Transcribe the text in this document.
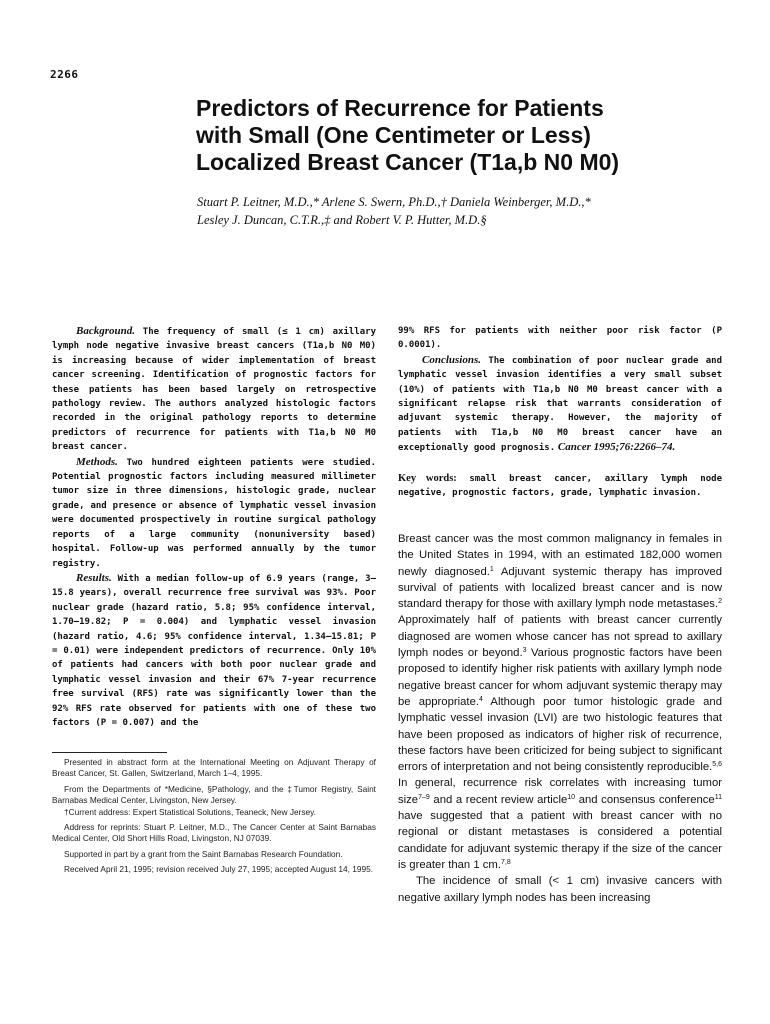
2266
Predictors of Recurrence for Patients
with Small (One Centimeter or Less)
Localized Breast Cancer (T1a,b N0 M0)
Stuart P. Leitner, M.D.,* Arlene S. Swern, Ph.D.,† Daniela Weinberger, M.D.,*
Lesley J. Duncan, C.T.R.,‡ and Robert V. P. Hutter, M.D.§

Background. The frequency of small (≤ 1 cm) axillary lymph node negative invasive breast cancers (T1a,b N0 M0) is increasing because of wider implementation of breast cancer screening. Identification of prognostic factors for these patients has been based largely on retrospective pathology review. The authors analyzed histologic factors recorded in the original pathology reports to determine predictors of recurrence for patients with T1a,b N0 M0 breast cancer.

Methods. Two hundred eighteen patients were studied. Potential prognostic factors including measured millimeter tumor size in three dimensions, histologic grade, nuclear grade, and presence or absence of lymphatic vessel invasion were documented prospectively in routine surgical pathology reports of a large community (nonuniversity based) hospital. Follow-up was performed annually by the tumor registry.

Results. With a median follow-up of 6.9 years (range, 3–15.8 years), overall recurrence free survival was 93%. Poor nuclear grade (hazard ratio, 5.8; 95% confidence interval, 1.70–19.82; P = 0.004) and lymphatic vessel invasion (hazard ratio, 4.6; 95% confidence interval, 1.34–15.81; P = 0.01) were independent predictors of recurrence. Only 10% of patients had cancers with both poor nuclear grade and lymphatic vessel invasion and their 67% 7-year recurrence free survival (RFS) rate was significantly lower than the 92% RFS rate observed for patients with one of these two factors (P = 0.007) and the

99% RFS for patients with neither poor risk factor (P 0.0001).

Conclusions. The combination of poor nuclear grade and lymphatic vessel invasion identifies a very small subset (10%) of patients with T1a,b N0 M0 breast cancer with a significant relapse risk that warrants consideration of adjuvant systemic therapy. However, the majority of patients with T1a,b N0 M0 breast cancer have an exceptionally good prognosis. Cancer 1995;76:2266–74.

Key words: small breast cancer, axillary lymph node negative, prognostic factors, grade, lymphatic invasion.

Presented in abstract form at the International Meeting on Adjuvant Therapy of Breast Cancer, St. Gallen, Switzerland, March 1–4, 1995.

From the Departments of *Medicine, §Pathology, and the ‡Tumor Registry, Saint Barnabas Medical Center, Livingston, New Jersey.

†Current address: Expert Statistical Solutions, Teaneck, New Jersey.

Address for reprints: Stuart P. Leitner, M.D., The Cancer Center at Saint Barnabas Medical Center, Old Short Hills Road, Livingston, NJ 07039.

Supported in part by a grant from the Saint Barnabas Research Foundation.

Received April 21, 1995; revision received July 27, 1995; accepted August 14, 1995.

Breast cancer was the most common malignancy in females in the United States in 1994, with an estimated 182,000 women newly diagnosed.$^1$ Adjuvant systemic therapy has improved survival of patients with localized breast cancer and is now standard therapy for those with axillary lymph node metastases.$^2$ Approximately half of patients with breast cancer currently diagnosed are women whose cancer has not spread to axillary lymph nodes or beyond.$^3$ Various prognostic factors have been proposed to identify higher risk patients with axillary lymph node negative breast cancer for whom adjuvant systemic therapy may be appropriate.$^4$ Although poor tumor histologic grade and lymphatic vessel invasion (LVI) are two histologic features that have been proposed as indicators of higher risk of recurrence, these factors have been criticized for being subject to significant errors of interpretation and not being consistently reproducible.$^{5,6}$ In general, recurrence risk correlates with increasing tumor size$^{7-9}$ and a recent review article$^{10}$ and consensus conference$^{11}$ have suggested that a patient with breast cancer with no regional or distant metastases is considered a potential candidate for adjuvant systemic therapy if the size of the cancer is greater than 1 cm.$^{7,8}$

The incidence of small (< 1 cm) invasive cancers with negative axillary lymph nodes has been increasing
